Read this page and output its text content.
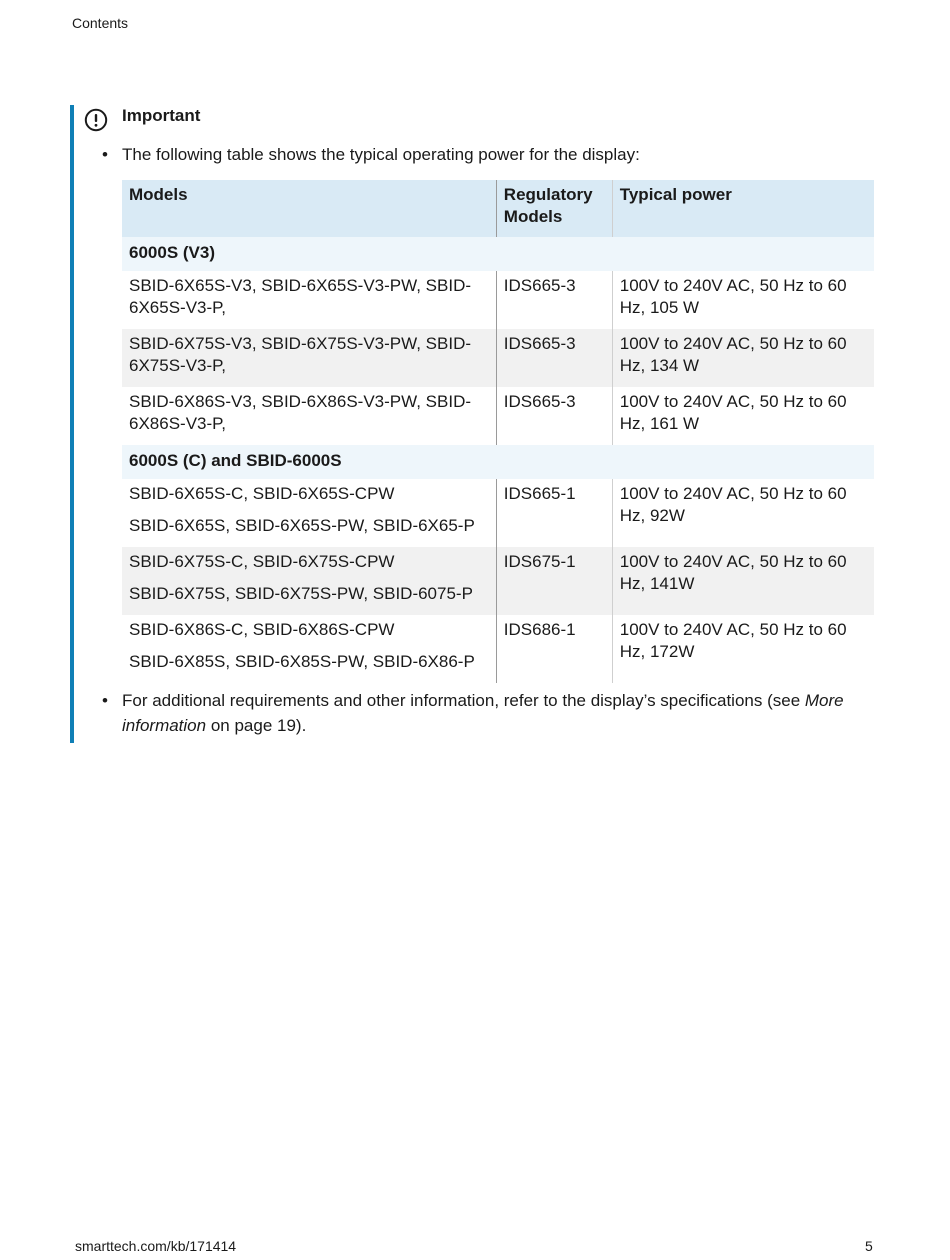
Contents
Important
• The following table shows the typical operating power for the display:
Models	Regulatory Models	Typical power
6000S (V3)		

SBID-6X65S-V3, SBID-6X65S-V3-PW, SBID-6X65S-V3-P,	IDS665-3	100V to 240V AC, 50 Hz to 60 Hz, 105 W

SBID-6X75S-V3, SBID-6X75S-V3-PW, SBID-6X75S-V3-P,	IDS665-3	100V to 240V AC, 50 Hz to 60 Hz, 134 W

SBID-6X86S-V3, SBID-6X86S-V3-PW, SBID-6X86S-V3-P,	IDS665-3	100V to 240V AC, 50 Hz to 60 Hz, 161 W
6000S (C) and SBID-6000S		

SBID-6X65S-C, SBID-6X65S-CPW
SBID-6X65S, SBID-6X65S-PW, SBID-6X65-P	IDS665-1	100V to 240V AC, 50 Hz to 60 Hz, 92W

SBID-6X75S-C, SBID-6X75S-CPW
SBID-6X75S, SBID-6X75S-PW, SBID-6075-P	IDS675-1	100V to 240V AC, 50 Hz to 60 Hz, 141W

SBID-6X86S-C, SBID-6X86S-CPW
SBID-6X85S, SBID-6X85S-PW, SBID-6X86-P	IDS686-1	100V to 240V AC, 50 Hz to 60 Hz, 172W
• For additional requirements and other information, refer to the display’s specifications (see More information on page 19).
smarttech.com/kb/171414	5
